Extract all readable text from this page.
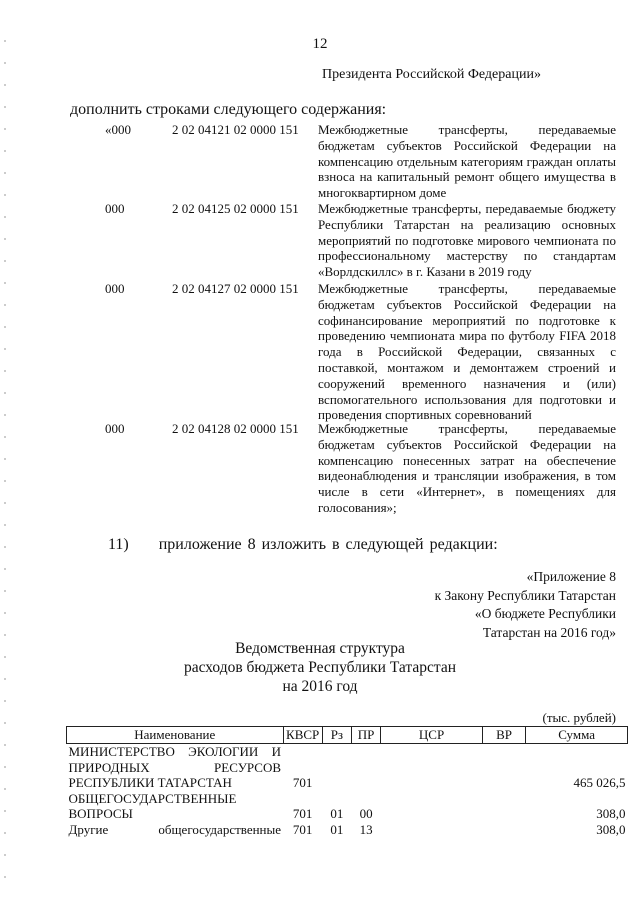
12
Президента Российской Федерации»
дополнить строками следующего содержания:
«000	2 02 04121 02 0000 151 Межбюджетные трансферты, передаваемые бюджетам субъектов Российской Федерации на компенсацию отдельным категориям граждан оплаты взноса на капитальный ремонт общего имущества в многоквартирном доме
000	2 02 04125 02 0000 151 Межбюджетные трансферты, передаваемые бюджету Республики Татарстан на реализацию основных мероприятий по подготовке мирового чемпионата по профессиональному мастерству по стандартам «Ворлдскиллс» в г. Казани в 2019 году
000	2 02 04127 02 0000 151 Межбюджетные трансферты, передаваемые бюджетам субъектов Российской Федерации на софинансирование мероприятий по подготовке к проведению чемпионата мира по футболу FIFA 2018 года в Российской Федерации, связанных с поставкой, монтажом и демонтажем строений и сооружений временного назначения и (или) вспомогательного использования для подготовки и проведения спортивных соревнований
000	2 02 04128 02 0000 151 Межбюджетные трансферты, передаваемые бюджетам субъектов Российской Федерации на компенсацию понесенных затрат на обеспечение видеонаблюдения и трансляции изображения, в том числе в сети «Интернет», в помещениях для голосования»;
11) приложение 8 изложить в следующей редакции:
«Приложение 8
к Закону Республики Татарстан
«О бюджете Республики
Татарстан на 2016 год»
Ведомственная структура
расходов бюджета Республики Татарстан
на 2016 год
(тыс. рублей)
Наименование	КВСР	Рз	ПР	ЦСР	ВР	Сумма

МИНИСТЕРСТВО ЭКОЛОГИИ И
ПРИРОДНЫХ РЕСУРСОВ
РЕСПУБЛИКИ ТАТАРСТАН	701					465 026,5

ОБЩЕГОСУДАРСТВЕННЫЕ
ВОПРОСЫ	701	01	00			308,0

Другие общегосударственные	701	01	13			308,0
